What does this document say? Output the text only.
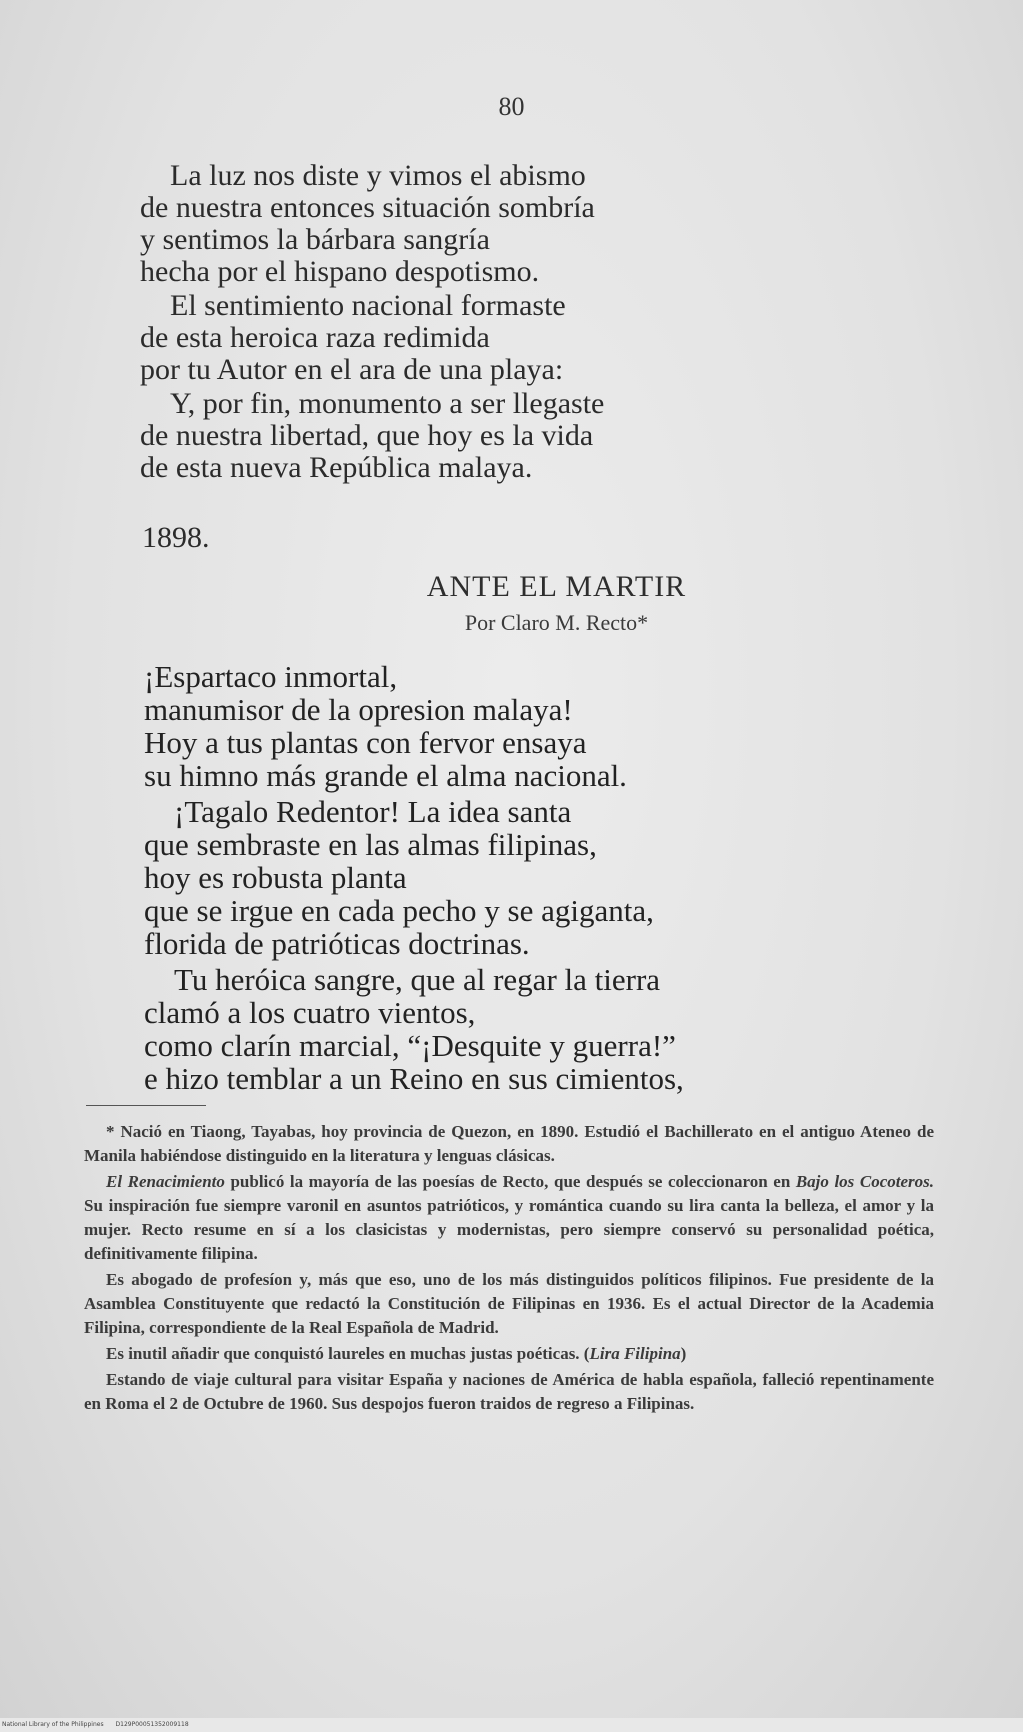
80
La luz nos diste y vimos el abismo
de nuestra entonces situación sombría
y sentimos la bárbara sangría
hecha por el hispano despotismo.
El sentimiento nacional formaste
de esta heroica raza redimida
por tu Autor en el ara de una playa:
Y, por fin, monumento a ser llegaste
de nuestra libertad, que hoy es la vida
de esta nueva República malaya.
1898.
ANTE EL MARTIR
Por Claro M. Recto*
¡Espartaco inmortal,
manumisor de la opresion malaya!
Hoy a tus plantas con fervor ensaya
su himno más grande el alma nacional.
¡Tagalo Redentor! La idea santa
que sembraste en las almas filipinas,
hoy es robusta planta
que se irgue en cada pecho y se agiganta,
florida de patrióticas doctrinas.
Tu heróica sangre, que al regar la tierra
clamó a los cuatro vientos,
como clarín marcial, “¡Desquite y guerra!”
e hizo temblar a un Reino en sus cimientos,

* Nació en Tiaong, Tayabas, hoy provincia de Quezon, en 1890. Estudió el Bachillerato en el antiguo Ateneo de Manila habiéndose distinguido en la literatura y lenguas clásicas.

El Renacimiento publicó la mayoría de las poesías de Recto, que después se coleccionaron en Bajo los Cocoteros. Su inspiración fue siempre varonil en asuntos patrióticos, y romántica cuando su lira canta la belleza, el amor y la mujer. Recto resume en sí a los clasicistas y modernistas, pero siempre conservó su personalidad poética, definitivamente filipina.

Es abogado de profesíon y, más que eso, uno de los más distinguidos políticos filipinos. Fue presidente de la Asamblea Constituyente que redactó la Constitución de Filipinas en 1936. Es el actual Director de la Academia Filipina, correspondiente de la Real Española de Madrid.

Es inutil añadir que conquistó laureles en muchas justas poéticas. (Lira Filipina)

Estando de viaje cultural para visitar España y naciones de América de habla española, falleció repentinamente en Roma el 2 de Octubre de 1960. Sus despojos fueron traidos de regreso a Filipinas.

National Library of the Philippines D129P00051352009118
